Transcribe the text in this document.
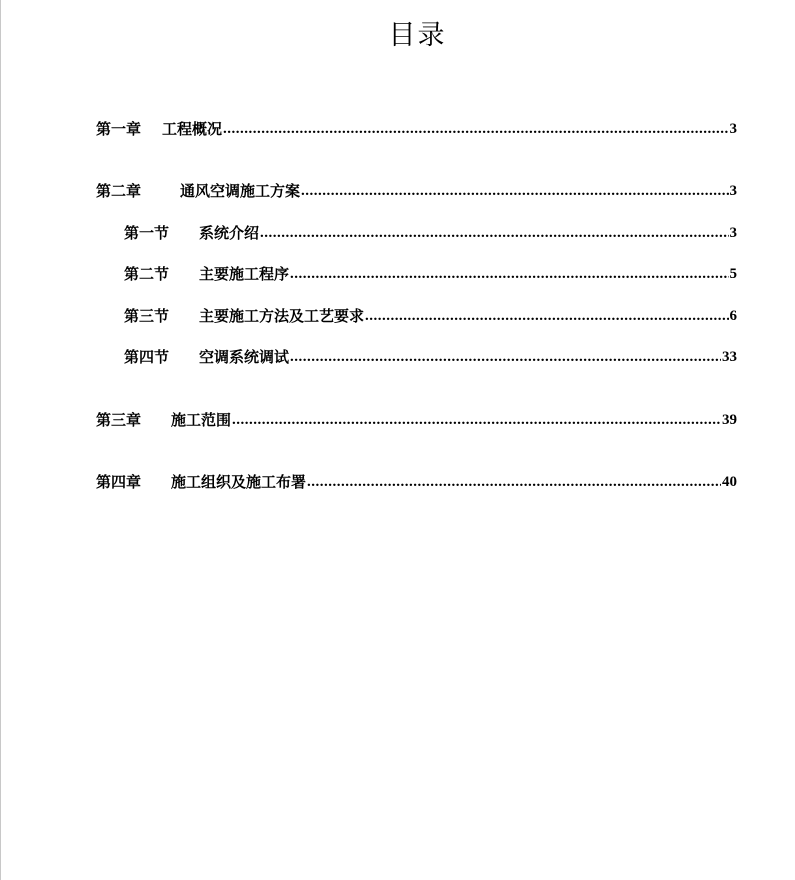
目录
第一章 工程概况 .....	3
第二章	通风空调施工方案 .....	3
第一节 系统介绍 .....	3
第二节 主要施工程序 .....	5
第三节 主要施工方法及工艺要求 .....	6
第四节 空调系统调试 .....	33
第三章 施工范围 .....	39
第四章 施工组织及施工布署 .....	40
